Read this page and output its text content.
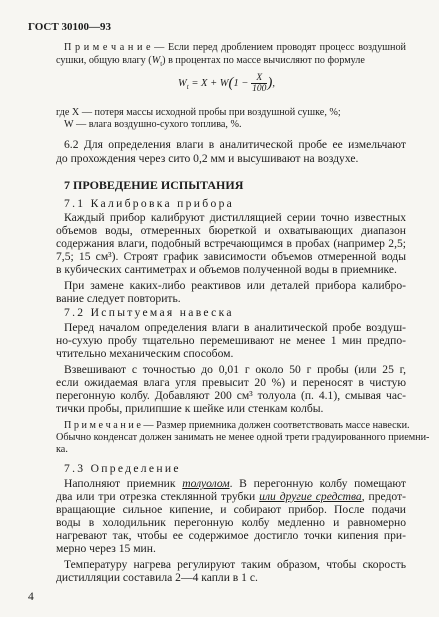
ГОСТ 30100—93
П р и м е ч а н и е — Если перед дроблением проводят процесс воздушной
сушки, общую влагу $(W_t)$ в процентах по массе вычисляют по формуле
$W_t = X + W(1 - \frac{X}{100}$ ),
где X — потеря массы исходной пробы при воздушной сушке, %;
W — влага воздушно-сухого топлива, %.
6.2 Для определения влаги в аналитической пробе ее измельчают
до прохождения через сито 0,2 мм и высушивают на воздухе.
7 ПРОВЕДЕНИЕ ИСПЫТАНИЯ
7.1 Калибровка прибора
Каждый прибор калибруют дистиллящией серии точно известных
объемов воды, отмеренных бюреткой и охватывающих диапазон
содержания влаги, подобный встречающимся в пробах (например 2,5;
7,5; 15 см³). Строят график зависимости объемов отмеренной воды
в кубических сантиметрах и объемов полученной воды в приемнике.
При замене каких-либо реактивов или деталей прибора калибро-
вание следует повторить.
7.2 Испытуемая навеска
Перед началом определения влаги в аналитической пробе воздуш-
но-сухую пробу тщательно перемешивают не менее 1 мин предпо-
чтительно механическим способом.
Взвешивают с точностью до 0,01 г около 50 г пробы (или 25 г,
если ожидаемая влага угля превысит 20 %) и переносят в чистую
перегонную колбу. Добавляют 200 см³ толуола (п. 4.1), смывая час-
тички пробы, прилипшие к шейке или стенкам колбы.
П р и м е ч а н и е — Размер приемника должен соответствовать массе навески.
Обычно конденсат должен занимать не менее одной трети градуированного приемни-
ка.
7.3 Определение
Наполняют приемник толуолом. В перегонную колбу помещают
два или три отрезка стеклянной трубки или другие средства, предот-
вращающие сильное кипение, и собирают прибор. После подачи
воды в холодильник перегонную колбу медленно и равномерно
нагревают так, чтобы ее содержимое достигло точки кипения при-
мерно через 15 мин.
Температуру нагрева регулируют таким образом, чтобы скорость
дистилляции составила 2—4 капли в 1 с.
4
